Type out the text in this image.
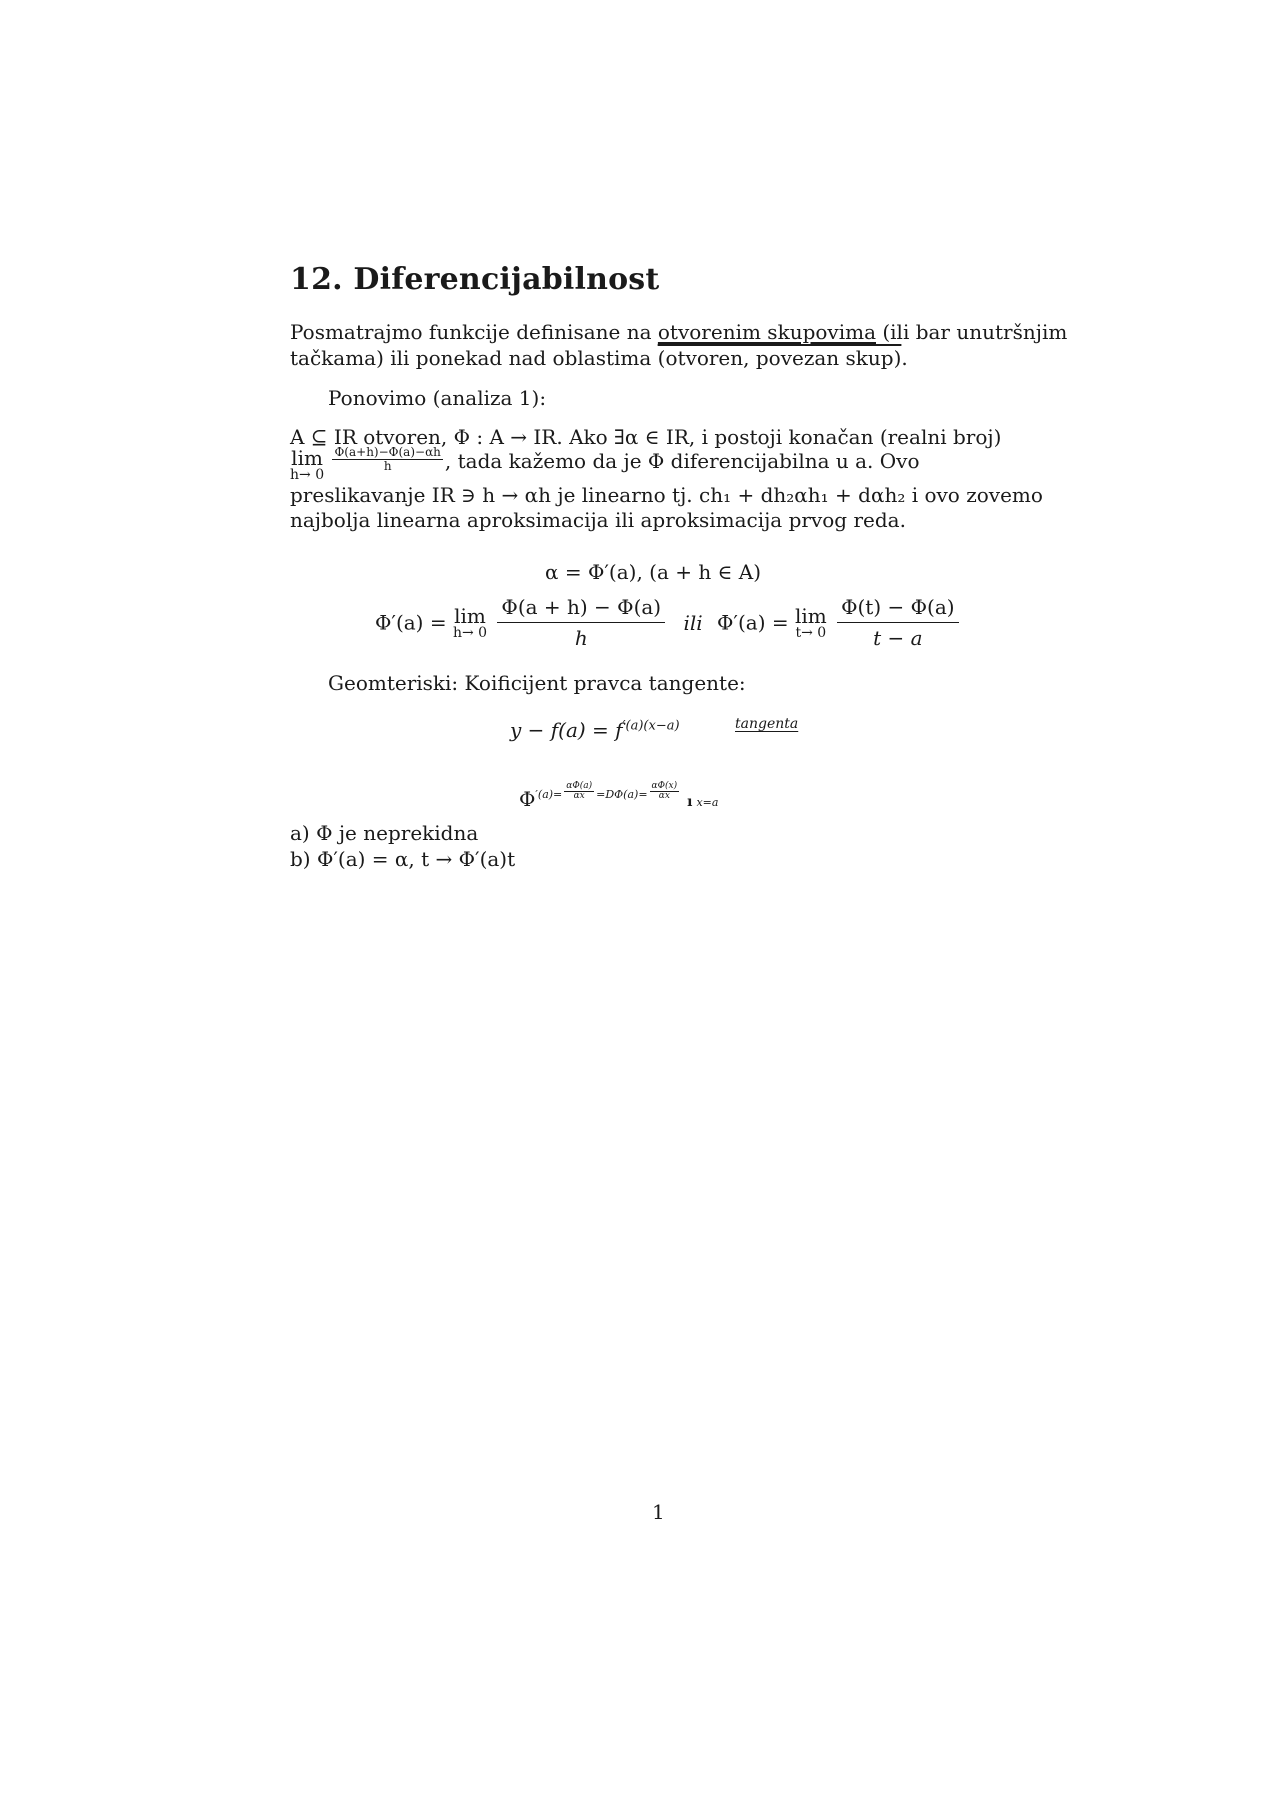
12. Diferencijabilnost
Posmatrajmo funkcije definisane na otvorenim skupovima (ili bar unutršnjim
tačkama) ili ponekad nad oblastima (otvoren, povezan skup).
Ponovimo (analiza 1):
A ⊆ IR otvoren, Φ : A → IR. Ako ∃α ∈ IR, i postoji konačan (realni broj)
lim
h→ 0

$\frac{\Phi(a+h)-\Phi(a)-\alpha h}{h}$ , tada kažemo da je Φ diferencijabilna u a. Ovo
preslikavanje IR ∋ h → αh je linearno tj. ch₁ + dh₂αh₁ + dαh₂ i ovo zovemo
najbolja linearna aproksimacija ili aproksimacija prvog reda.
α = Φ′(a), (a + h ∈ A)
Φ′(a) = lim
h→ 0
$\frac{\Phi(a + h) - \Phi(a)}{h}$ ili Φ′(a) = lim
t→ 0
$\frac{\Phi(t) - \Phi(a)}{t - a}$
Geomteriski: Koificijent pravca tangente:
$y - f(a) = f^{'(a)(x-a)}$	tangenta
$\Phi^{'(a)=} \frac{\alpha\Phi(a)}{\alpha x} ^{=D\Phi(a)=} \frac{\alpha\Phi(x)}{\alpha x}$
ı x=a
a) Φ je neprekidna
b) Φ′(a) = α, t → Φ′(a)t
1
